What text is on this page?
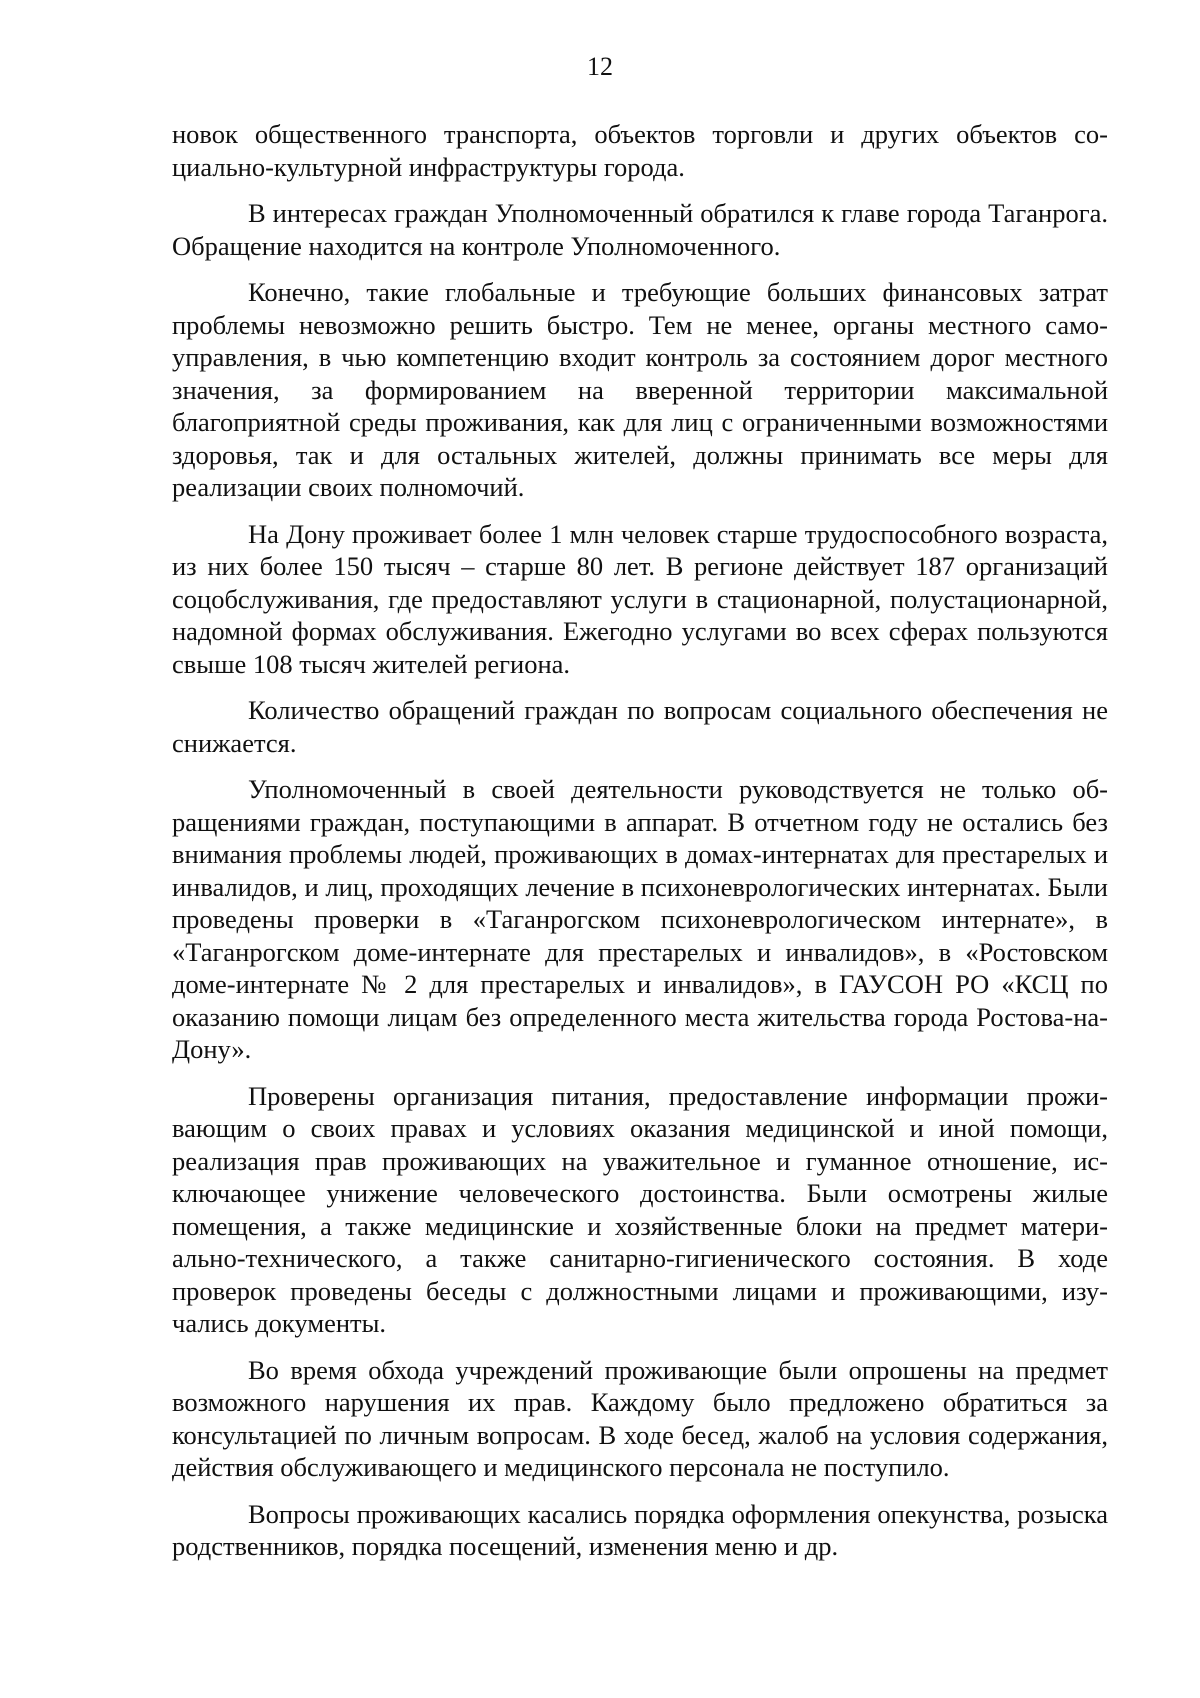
12

новок общественного транспорта, объектов торговли и других объектов социально-культурной инфраструктуры города.

В интересах граждан Уполномоченный обратился к главе города Таганрога. Обращение находится на контроле Уполномоченного.

Конечно, такие глобальные и требующие больших финансовых затрат проблемы невозможно решить быстро. Тем не менее, органы местного самоуправления, в чью компетенцию входит контроль за состоянием дорог местного значения, за формированием на вверенной территории максимальной благоприятной среды проживания, как для лиц с ограниченными возможностями здоровья, так и для остальных жителей, должны принимать все меры для реализации своих полномочий.

На Дону проживает более 1 млн человек старше трудоспособного возраста, из них более 150 тысяч – старше 80 лет. В регионе действует 187 организаций соцобслуживания, где предоставляют услуги в стационарной, полустационарной, надомной формах обслуживания. Ежегодно услугами во всех сферах пользуются свыше 108 тысяч жителей региона.

Количество обращений граждан по вопросам социального обеспечения не снижается.

Уполномоченный в своей деятельности руководствуется не только обращениями граждан, поступающими в аппарат. В отчетном году не остались без внимания проблемы людей, проживающих в домах-интернатах для престарелых и инвалидов, и лиц, проходящих лечение в психоневрологических интернатах. Были проведены проверки в «Таганрогском психоневрологическом интернате», в «Таганрогском доме-интернате для престарелых и инвалидов», в «Ростовском доме-интернате № 2 для престарелых и инвалидов», в ГАУСОН РО «КСЦ по оказанию помощи лицам без определенного места жительства города Ростова-на-Дону».

Проверены организация питания, предоставление информации проживающим о своих правах и условиях оказания медицинской и иной помощи, реализация прав проживающих на уважительное и гуманное отношение, исключающее унижение человеческого достоинства. Были осмотрены жилые помещения, а также медицинские и хозяйственные блоки на предмет материально-технического, а также санитарно-гигиенического состояния. В ходе проверок проведены беседы с должностными лицами и проживающими, изучались документы.

Во время обхода учреждений проживающие были опрошены на предмет возможного нарушения их прав. Каждому было предложено обратиться за консультацией по личным вопросам. В ходе бесед, жалоб на условия содержания, действия обслуживающего и медицинского персонала не поступило.

Вопросы проживающих касались порядка оформления опекунства, розыска родственников, порядка посещений, изменения меню и др.
